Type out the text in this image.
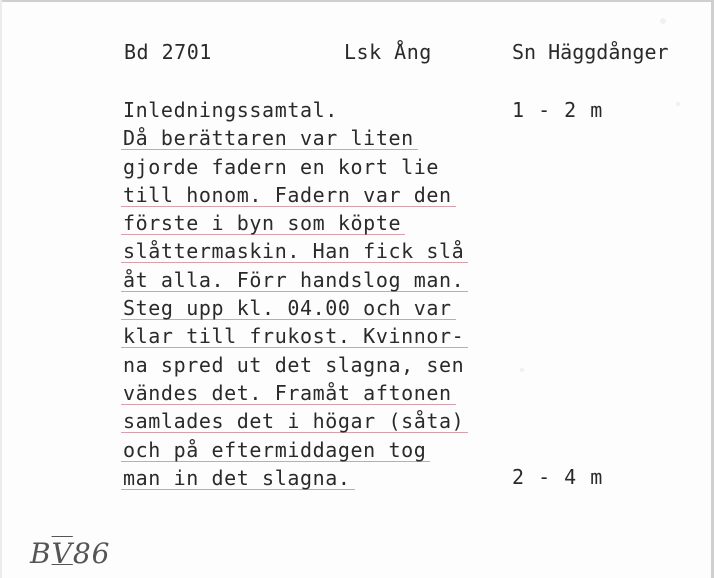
Bd 2701	Lsk Ång	Sn Häggdånger
1 - 2 m
2 - 4 m
Inledningssamtal.
Då berättaren var liten
gjorde fadern en kort lie
till honom. Fadern var den
förste i byn som köpte
slåttermaskin. Han fick slå
åt alla. Förr handslog man.
Steg upp kl. 04.00 och var
klar till frukost. Kvinnor-
na spred ut det slagna, sen
vändes det. Framåt aftonen
samlades det i högar (såta)
och på eftermiddagen tog
man in det slagna.
BV86
